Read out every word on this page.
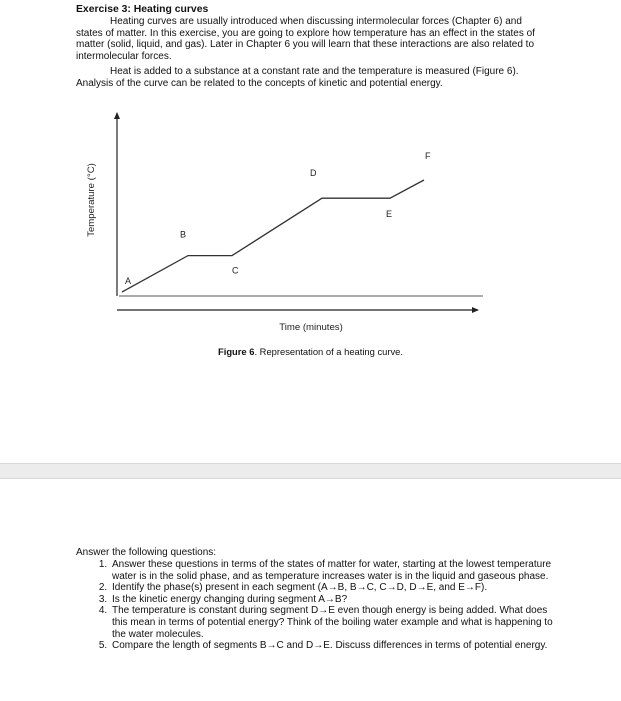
Exercise 3: Heating curves
Heating curves are usually introduced when discussing intermolecular forces (Chapter 6) and states of matter. In this exercise, you are going to explore how temperature has an effect in the states of matter (solid, liquid, and gas). Later in Chapter 6 you will learn that these interactions are also related to intermolecular forces.
Heat is added to a substance at a constant rate and the temperature is measured (Figure 6). Analysis of the curve can be related to the concepts of kinetic and potential energy.
Temperature (°C)
Time (minutes)
A
B
C
D
E
F
Figure 6. Representation of a heating curve.
Answer the following questions:
1. Answer these questions in terms of the states of matter for water, starting at the lowest temperature water is in the solid phase, and as temperature increases water is in the liquid and gaseous phase.
2. Identify the phase(s) present in each segment (A→B, B→C, C→D, D→E, and E→F).
3. Is the kinetic energy changing during segment A→B?
4. The temperature is constant during segment D→E even though energy is being added. What does this mean in terms of potential energy? Think of the boiling water example and what is happening to the water molecules.
5. Compare the length of segments B→C and D→E. Discuss differences in terms of potential energy.
